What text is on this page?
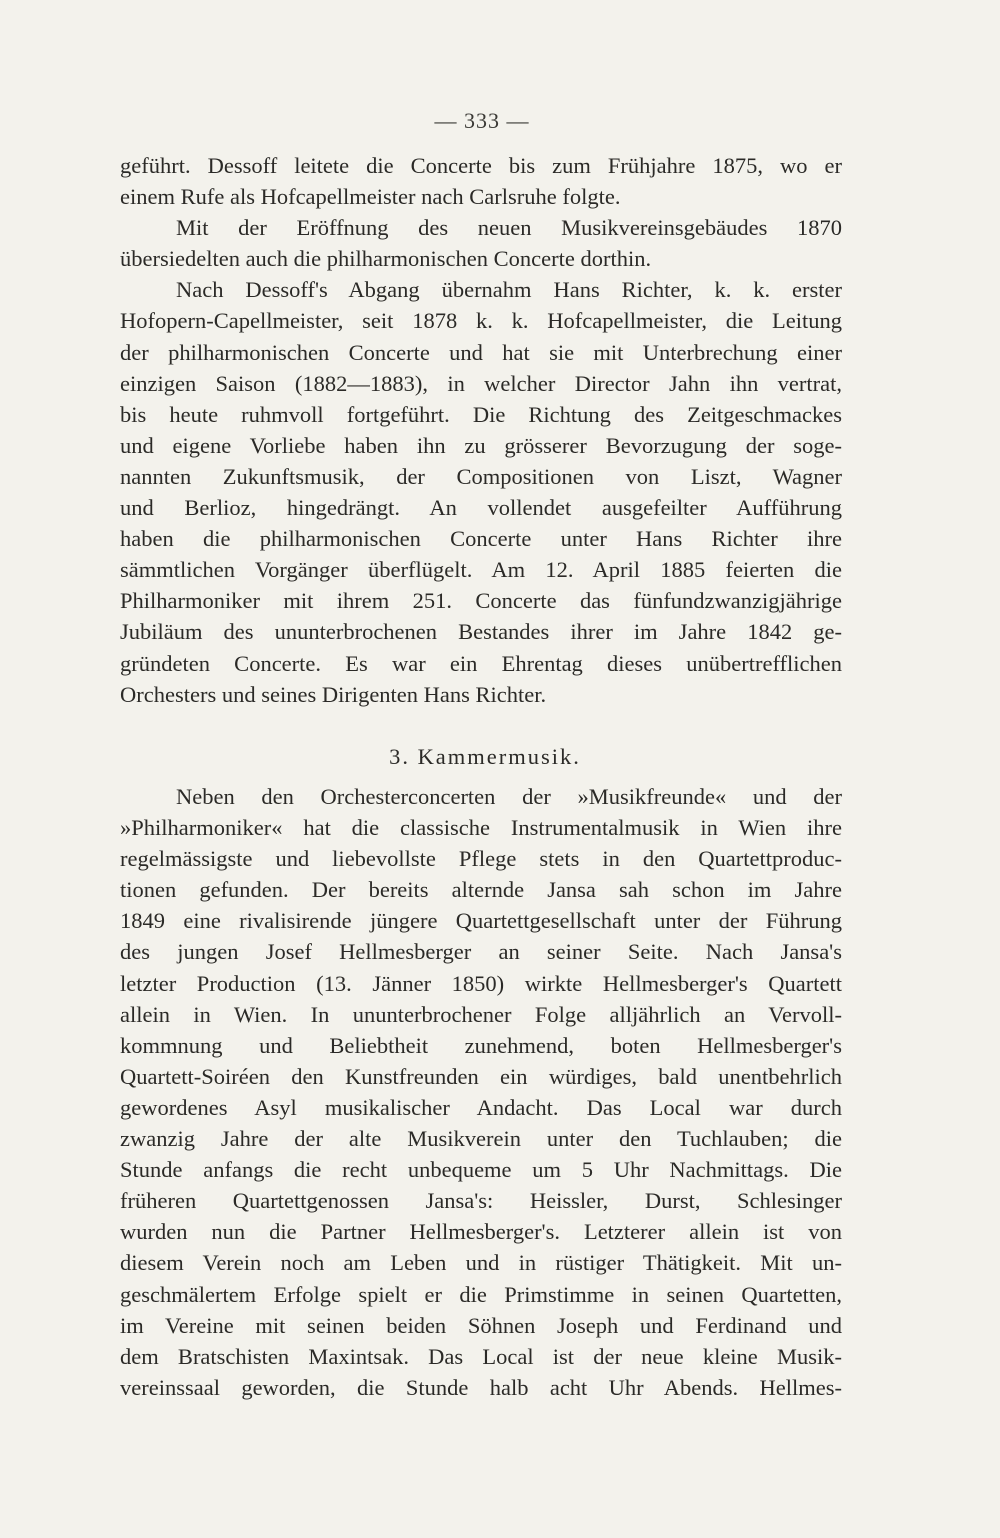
— 333 —
geführt. Dessoff leitete die Concerte bis zum Frühjahre 1875, wo er
einem Rufe als Hofcapellmeister nach Carlsruhe folgte.
Mit der Eröffnung des neuen Musikvereinsgebäudes 1870
übersiedelten auch die philharmonischen Concerte dorthin.
Nach Dessoff's Abgang übernahm Hans Richter, k. k. erster
Hofopern-Capellmeister, seit 1878 k. k. Hofcapellmeister, die Leitung
der philharmonischen Concerte und hat sie mit Unterbrechung einer
einzigen Saison (1882—1883), in welcher Director Jahn ihn vertrat,
bis heute ruhmvoll fortgeführt. Die Richtung des Zeitgeschmackes
und eigene Vorliebe haben ihn zu grösserer Bevorzugung der soge-
nannten Zukunftsmusik, der Compositionen von Liszt, Wagner
und Berlioz, hingedrängt. An vollendet ausgefeilter Aufführung
haben die philharmonischen Concerte unter Hans Richter ihre
sämmtlichen Vorgänger überflügelt. Am 12. April 1885 feierten die
Philharmoniker mit ihrem 251. Concerte das fünfundzwanzigjährige
Jubiläum des ununterbrochenen Bestandes ihrer im Jahre 1842 ge-
gründeten Concerte. Es war ein Ehrentag dieses unübertrefflichen
Orchesters und seines Dirigenten Hans Richter.
3. Kammermusik.
Neben den Orchesterconcerten der »Musikfreunde« und der
»Philharmoniker« hat die classische Instrumentalmusik in Wien ihre
regelmässigste und liebevollste Pflege stets in den Quartettproduc-
tionen gefunden. Der bereits alternde Jansa sah schon im Jahre
1849 eine rivalisirende jüngere Quartettgesellschaft unter der Führung
des jungen Josef Hellmesberger an seiner Seite. Nach Jansa's
letzter Production (13. Jänner 1850) wirkte Hellmesberger's Quartett
allein in Wien. In ununterbrochener Folge alljährlich an Vervoll-
kommnung und Beliebtheit zunehmend, boten Hellmesberger's
Quartett-Soiréen den Kunstfreunden ein würdiges, bald unentbehrlich
gewordenes Asyl musikalischer Andacht. Das Local war durch
zwanzig Jahre der alte Musikverein unter den Tuchlauben; die
Stunde anfangs die recht unbequeme um 5 Uhr Nachmittags. Die
früheren Quartettgenossen Jansa's: Heissler, Durst, Schlesinger
wurden nun die Partner Hellmesberger's. Letzterer allein ist von
diesem Verein noch am Leben und in rüstiger Thätigkeit. Mit un-
geschmälertem Erfolge spielt er die Primstimme in seinen Quartetten,
im Vereine mit seinen beiden Söhnen Joseph und Ferdinand und
dem Bratschisten Maxintsak. Das Local ist der neue kleine Musik-
vereinssaal geworden, die Stunde halb acht Uhr Abends. Hellmes-
